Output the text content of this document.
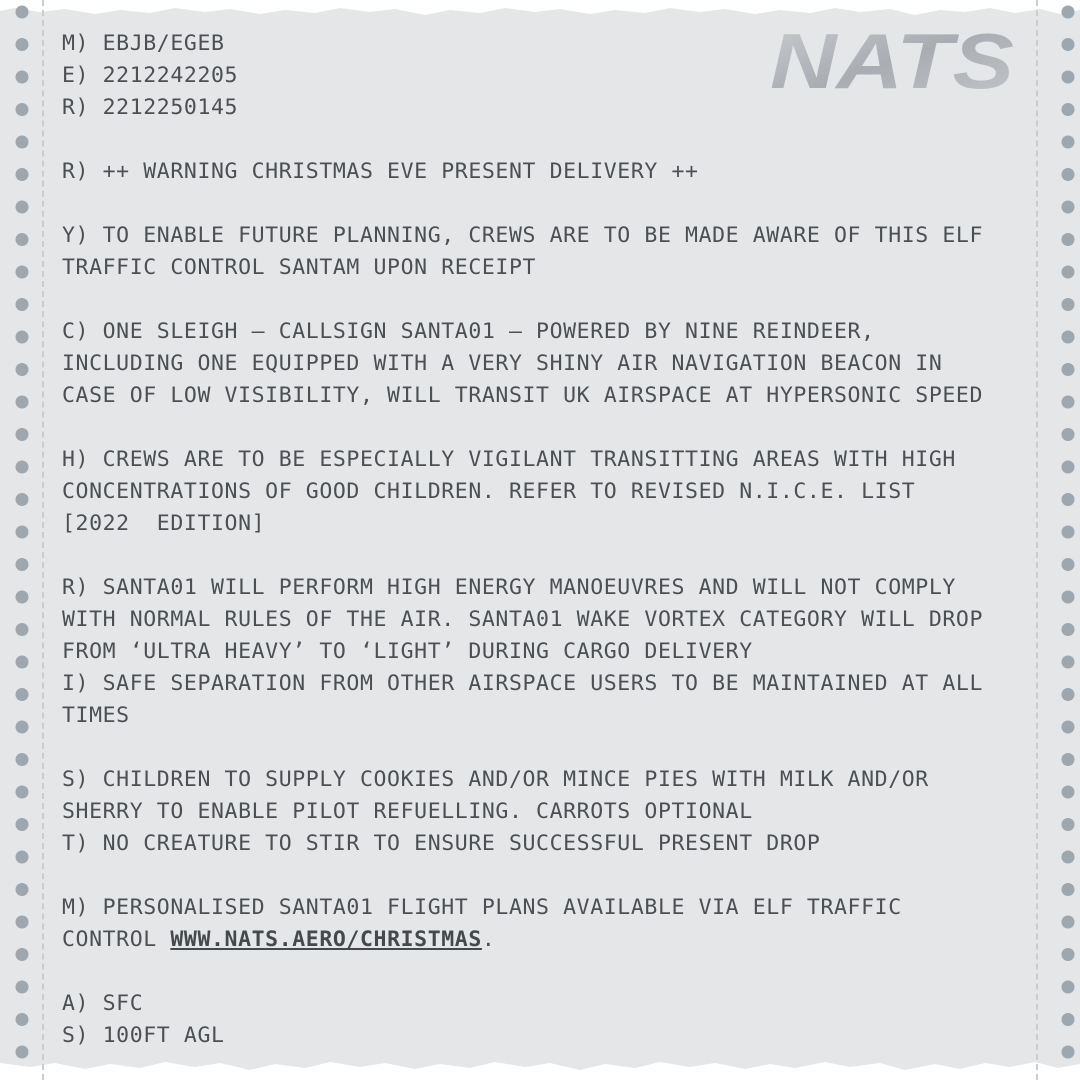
NATS
M) EBJB/EGEB
E) 2212242205
R) 2212250145
R) ++ WARNING CHRISTMAS EVE PRESENT DELIVERY ++
Y) TO ENABLE FUTURE PLANNING, CREWS ARE TO BE MADE AWARE OF THIS ELF
TRAFFIC CONTROL SANTAM UPON RECEIPT
C) ONE SLEIGH – CALLSIGN SANTA01 – POWERED BY NINE REINDEER,
INCLUDING ONE EQUIPPED WITH A VERY SHINY AIR NAVIGATION BEACON IN
CASE OF LOW VISIBILITY, WILL TRANSIT UK AIRSPACE AT HYPERSONIC SPEED
H) CREWS ARE TO BE ESPECIALLY VIGILANT TRANSITTING AREAS WITH HIGH
CONCENTRATIONS OF GOOD CHILDREN. REFER TO REVISED N.I.C.E. LIST
[2022  EDITION]
R) SANTA01 WILL PERFORM HIGH ENERGY MANOEUVRES AND WILL NOT COMPLY
WITH NORMAL RULES OF THE AIR. SANTA01 WAKE VORTEX CATEGORY WILL DROP
FROM ‘ULTRA HEAVY’ TO ‘LIGHT’ DURING CARGO DELIVERY
I) SAFE SEPARATION FROM OTHER AIRSPACE USERS TO BE MAINTAINED AT ALL
TIMES
S) CHILDREN TO SUPPLY COOKIES AND/OR MINCE PIES WITH MILK AND/OR
SHERRY TO ENABLE PILOT REFUELLING. CARROTS OPTIONAL
T) NO CREATURE TO STIR TO ENSURE SUCCESSFUL PRESENT DROP
M) PERSONALISED SANTA01 FLIGHT PLANS AVAILABLE VIA ELF TRAFFIC
CONTROL WWW.NATS.AERO/CHRISTMAS.
A) SFC
S) 100FT AGL
